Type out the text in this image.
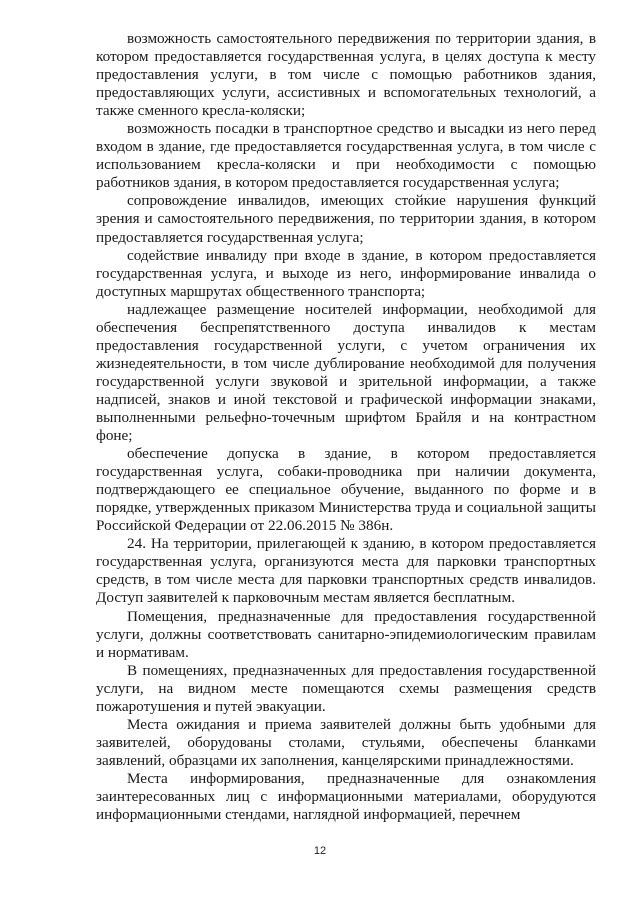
возможность самостоятельного передвижения по территории здания, в котором предоставляется государственная услуга, в целях доступа к месту предоставления услуги, в том числе с помощью работников здания, предоставляющих услуги, ассистивных и вспомогательных технологий, а также сменного кресла-коляски;

возможность посадки в транспортное средство и высадки из него перед входом в здание, где предоставляется государственная услуга, в том числе с использованием кресла-коляски и при необходимости с помощью работников здания, в котором предоставляется государственная услуга;

сопровождение инвалидов, имеющих стойкие нарушения функций зрения и самостоятельного передвижения, по территории здания, в котором предоставляется государственная услуга;

содействие инвалиду при входе в здание, в котором предоставляется государственная услуга, и выходе из него, информирование инвалида о доступных маршрутах общественного транспорта;

надлежащее размещение носителей информации, необходимой для обеспечения беспрепятственного доступа инвалидов к местам предоставления государственной услуги, с учетом ограничения их жизнедеятельности, в том числе дублирование необходимой для получения государственной услуги звуковой и зрительной информации, а также надписей, знаков и иной текстовой и графической информации знаками, выполненными рельефно-точечным шрифтом Брайля и на контрастном фоне;

обеспечение допуска в здание, в котором предоставляется государственная услуга, собаки-проводника при наличии документа, подтверждающего ее специальное обучение, выданного по форме и в порядке, утвержденных приказом Министерства труда и социальной защиты Российской Федерации от 22.06.2015 № 386н.

24. На территории, прилегающей к зданию, в котором предоставляется государственная услуга, организуются места для парковки транспортных средств, в том числе места для парковки транспортных средств инвалидов. Доступ заявителей к парковочным местам является бесплатным.

Помещения, предназначенные для предоставления государственной услуги, должны соответствовать санитарно-эпидемиологическим правилам и нормативам.

В помещениях, предназначенных для предоставления государственной услуги, на видном месте помещаются схемы размещения средств пожаротушения и путей эвакуации.

Места ожидания и приема заявителей должны быть удобными для заявителей, оборудованы столами, стульями, обеспечены бланками заявлений, образцами их заполнения, канцелярскими принадлежностями.

Места информирования, предназначенные для ознакомления заинтересованных лиц с информационными материалами, оборудуются информационными стендами, наглядной информацией, перечнем

12
